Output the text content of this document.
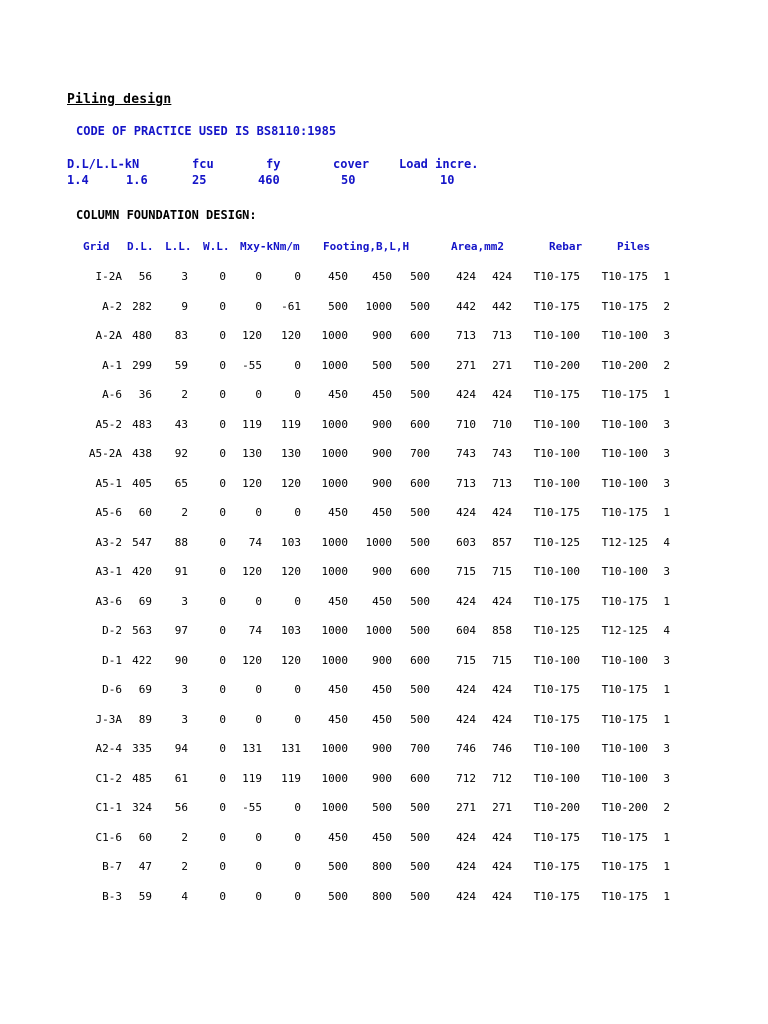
Piling design
CODE OF PRACTICE USED IS BS8110:1985
D.L/L.L-kN	fcu	fy	cover Load incre.
1.4	1.6	25	460	50	10
COLUMN FOUNDATION DESIGN:
Grid D.L. L.L. W.L. Mxy-kNm/m Footing,B,L,H	Area,mm2	Rebar	Piles
I-2A	56	3	0	0	0	450	450	500	424	424	T10-175	T10-175	1
A-2 282	9	0	0	-61	500	1000	500	442	442	T10-175	T10-175	2
A-2A 480	83	0	120	120	1000	900	600	713	713	T10-100	T10-100	3
A-1 299	59	0	-55	0	1000	500	500	271	271	T10-200	T10-200	2
A-6	36	2	0	0	0	450	450	500	424	424	T10-175	T10-175	1
A5-2 483	43	0	119	119	1000	900	600	710	710	T10-100	T10-100	3
A5-2A 438	92	0	130	130	1000	900	700	743	743	T10-100	T10-100	3
A5-1 405	65	0	120	120	1000	900	600	713	713	T10-100	T10-100	3
A5-6	60	2	0	0	0	450	450	500	424	424	T10-175	T10-175	1
A3-2 547	88	0	74	103	1000	1000	500	603	857	T10-125	T12-125	4
A3-1 420	91	0	120	120	1000	900	600	715	715	T10-100	T10-100	3
A3-6	69	3	0	0	0	450	450	500	424	424	T10-175	T10-175	1
D-2 563	97	0	74	103	1000	1000	500	604	858	T10-125	T12-125	4
D-1 422	90	0	120	120	1000	900	600	715	715	T10-100	T10-100	3
D-6	69	3	0	0	0	450	450	500	424	424	T10-175	T10-175	1
J-3A	89	3	0	0	0	450	450	500	424	424	T10-175	T10-175	1
A2-4 335	94	0	131	131	1000	900	700	746	746	T10-100	T10-100	3
C1-2 485	61	0	119	119	1000	900	600	712	712	T10-100	T10-100	3
C1-1 324	56	0	-55	0	1000	500	500	271	271	T10-200	T10-200	2
C1-6	60	2	0	0	0	450	450	500	424	424	T10-175	T10-175	1
B-7	47	2	0	0	0	500	800	500	424	424	T10-175	T10-175	1
B-3	59	4	0	0	0	500	800	500	424	424	T10-175	T10-175	1
